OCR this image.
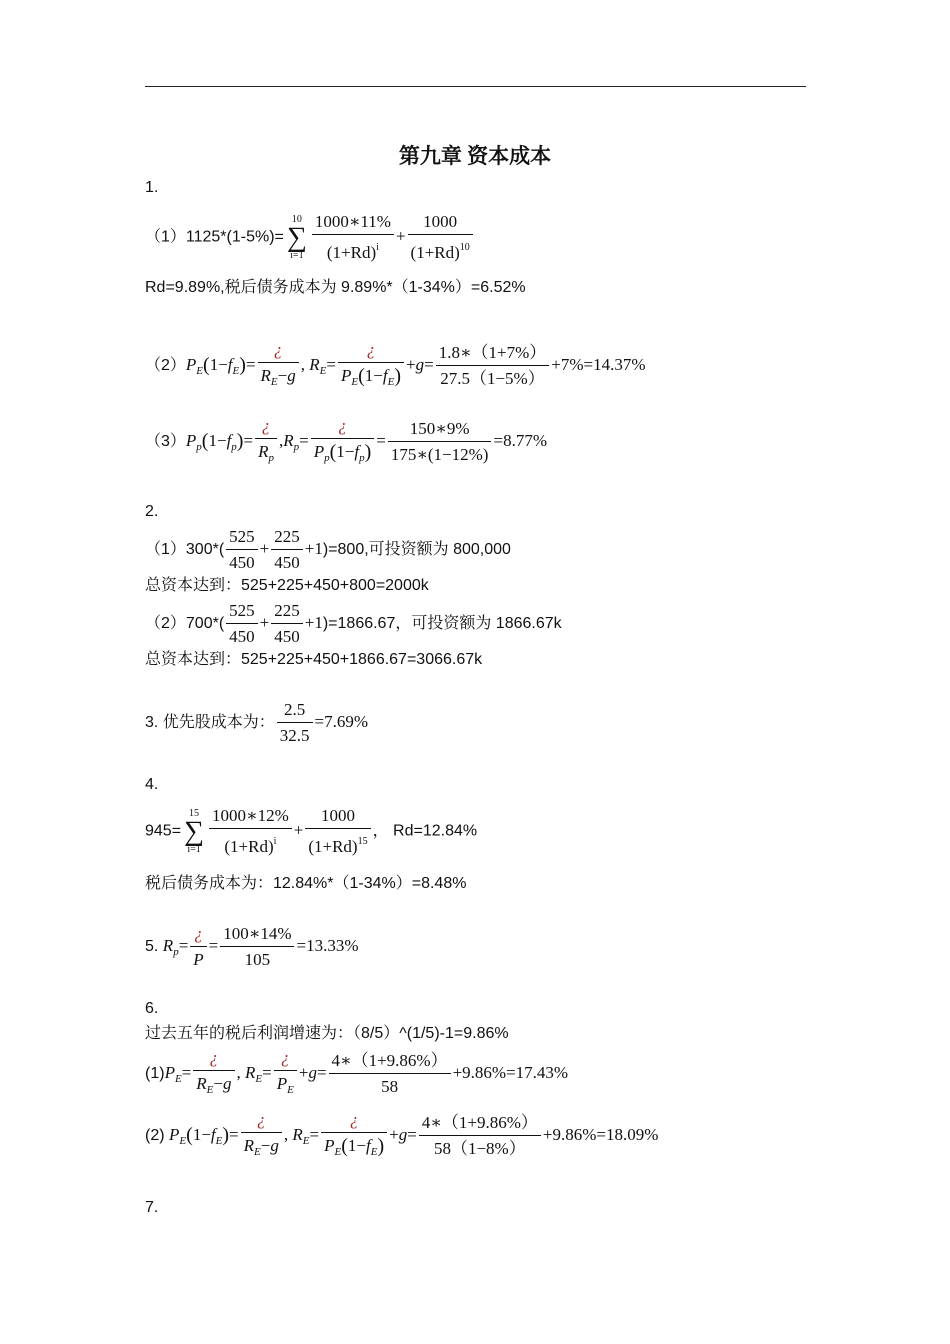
第九章 资本成本
1.
（1）1125*(1-5%)=
10
∑
$i=1 \frac{1000∗11\%}{(1+Rd)^i} + \frac{1000}{(1+Rd)^{10}}$
Rd=9.89%,税后债务成本为 9.89%*（1-34%）=6.52%
$(2)P_E(1-f_E)= \frac{¿}{R_E-g}$ , $R_E= \frac{¿}{P_E(1-f_E)} +g= \frac{1.8∗(1+7\%)}{27.5(1-5\%)} +7\%=14.37\%$
$(3)P_p(1-f_p)= \frac{¿}{R_p} ,R_p= \frac{¿}{P_p(1-f_p)} = \frac{150∗9\%}{175∗(1-12\%)} =8.77\%$
2.
$(1)300*( \frac{525}{450} + \frac{225}{450} +1)=800$,可投资额为 800,000
总资本达到：525+225+450+800=2000k
$(2)700*( \frac{525}{450} + \frac{225}{450} +1)=1866.67$，可投资额为 1866.67k
总资本达到：525+225+450+1866.67=3066.67k
3. 优先股成本为： $\frac{2.5}{32.5} =7.69\%$
4.
945=
15
∑
$i=1 \frac{1000∗12\%}{(1+Rd)^i} + \frac{1000}{(1+Rd)^{15}}$ ， Rd=12.84%
税后债务成本为：12.84%*（1-34%）=8.48%
5. $R_p= \frac{¿}{P} = \frac{100∗14\%}{105} =13.33\%$
6.
过去五年的税后利润增速为：（8/5）^(1/5)-1=9.86%
$(1)P_E= \frac{¿}{R_E-g}$ , $R_E= \frac{¿}{P_E} +g= \frac{4∗(1+9.86\%)}{58} +9.86\%=17.43\%$
(2) $P_E(1-f_E)= \frac{¿}{R_E-g}$ , $R_E= \frac{¿}{P_E(1-f_E)} +g= \frac{4∗(1+9.86\%)}{58(1-8\%)} +9.86\%=18.09\%$
7.
